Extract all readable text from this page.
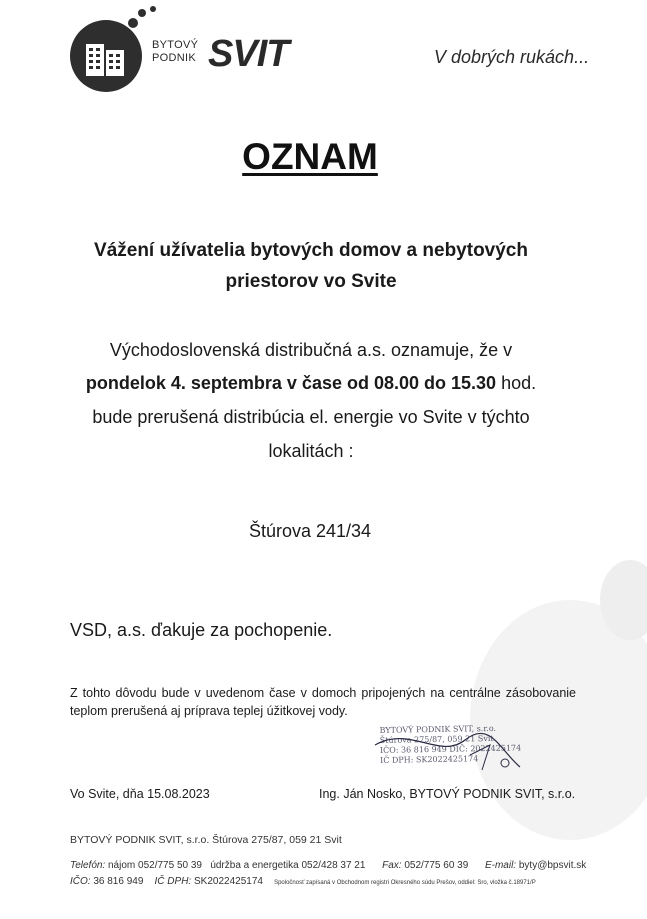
BYTOVÝ
PODNIK SVIT	V dobrých rukách...
OZNAM
Vážení užívatelia bytových domov a nebytových
priestorov vo Svite
Východoslovenská distribučná a.s. oznamuje, že v
pondelok 4. septembra v čase od 08.00 do 15.30 hod.
bude prerušená distribúcia el. energie vo Svite v týchto
lokalitách :
Štúrova 241/34
VSD, a.s. ďakuje za pochopenie.
Z tohto dôvodu bude v uvedenom čase v domoch pripojených na centrálne zásobovanie teplom prerušená aj príprava teplej úžitkovej vody.
BYTOVÝ PODNIK SVIT, s.r.o.
Štúrova 275/87, 059 21 Svit
IČO: 36 816 949 DIČ: 2022425174
IČ DPH: SK2022425174
Vo Svite, dňa 15.08.2023	Ing. Ján Nosko, BYTOVÝ PODNIK SVIT, s.r.o.
BYTOVÝ PODNIK SVIT, s.r.o. Štúrova 275/87, 059 21 Svit
Telefón: nájom 052/775 50 39 údržba a energetika 052/428 37 21 Fax: 052/775 60 39 E-mail: byty@bpsvit.sk
IČO: 36 816 949 IČ DPH: SK2022425174 Spoločnosť zapísaná v Obchodnom registri Okresného súdu Prešov, oddiel: Sro, vložka č.18971/P
